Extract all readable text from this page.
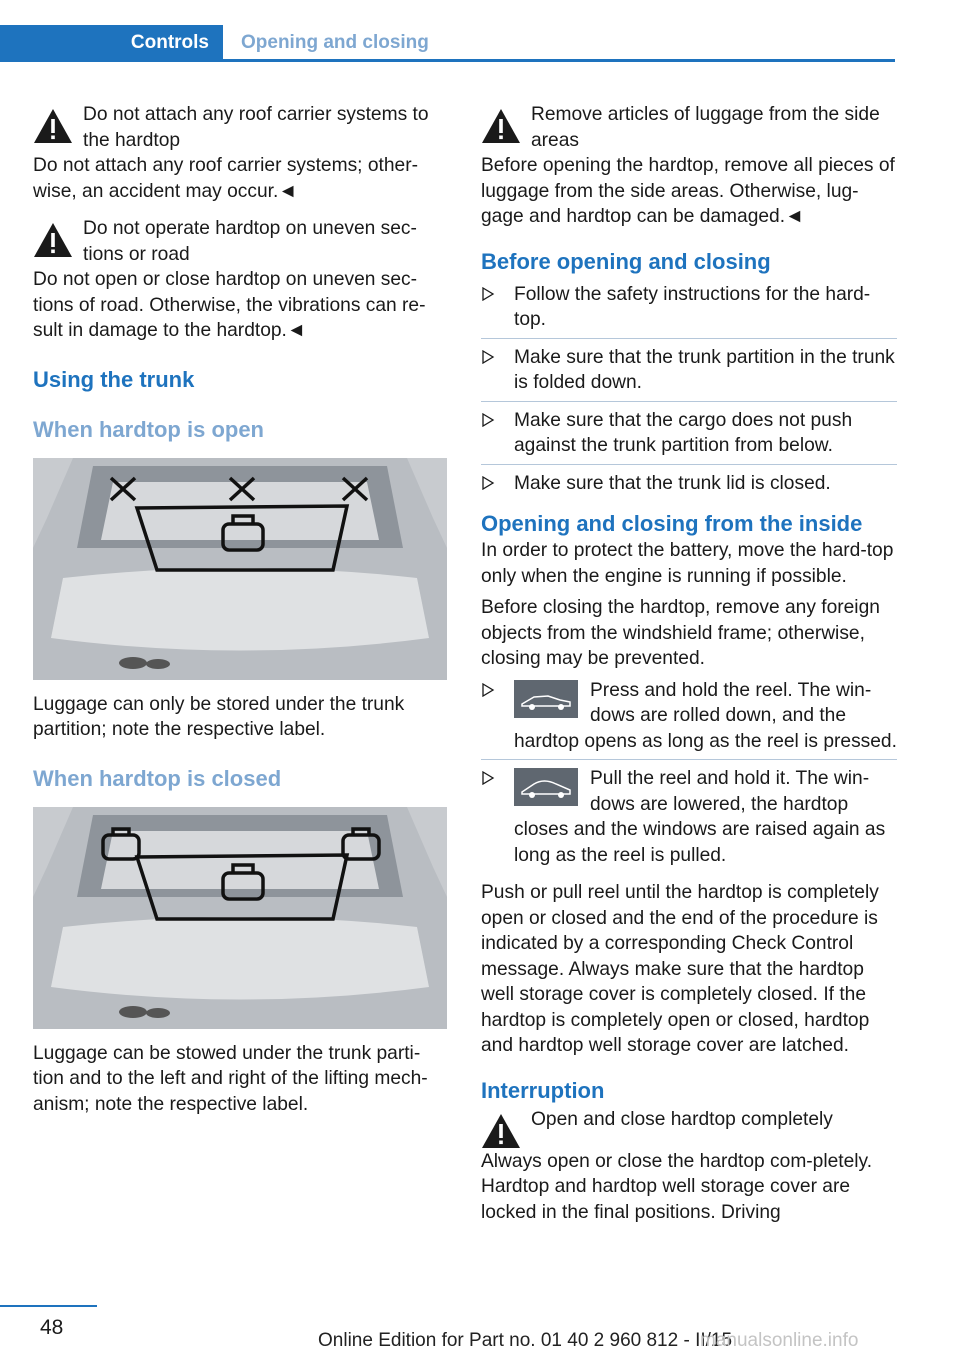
Controls	Opening and closing
Do not attach any roof carrier systems to the hardtop

Do not attach any roof carrier systems; other-wise, an accident may occur.◄

Do not operate hardtop on uneven sec-tions or road

Do not open or close hardtop on uneven sec-tions of road. Otherwise, the vibrations can re-sult in damage to the hardtop.◄

Using the trunk
When hardtop is open

Luggage can only be stored under the trunk partition; note the respective label.

When hardtop is closed

Luggage can be stowed under the trunk parti-tion and to the left and right of the lifting mech-anism; note the respective label.

Remove articles of luggage from the side areas

Before opening the hardtop, remove all pieces of luggage from the side areas. Otherwise, lug-gage and hardtop can be damaged.◄

Before opening and closing
Follow the safety instructions for the hard-top.
Make sure that the trunk partition in the trunk is folded down.
Make sure that the cargo does not push against the trunk partition from below.
Make sure that the trunk lid is closed.
Opening and closing from the inside

In order to protect the battery, move the hard-top only when the engine is running if possible.

Before closing the hardtop, remove any foreign objects from the windshield frame; otherwise, closing may be prevented.

Press and hold the reel. The win-dows are rolled down, and the hardtop opens as long as the reel is pressed.
Pull the reel and hold it. The win-dows are lowered, the hardtop closes and the windows are raised again as long as the reel is pulled.

Push or pull reel until the hardtop is completely open or closed and the end of the procedure is indicated by a corresponding Check Control message. Always make sure that the hardtop well storage cover is completely closed. If the hardtop is completely open or closed, hardtop and hardtop well storage cover are latched.

Interruption
Open and close hardtop completely

Always open or close the hardtop com-pletely. Hardtop and hardtop well storage cover are locked in the final positions. Driving

48
Online Edition for Part no. 01 40 2 960 812 - II/15
manualsonline.info
